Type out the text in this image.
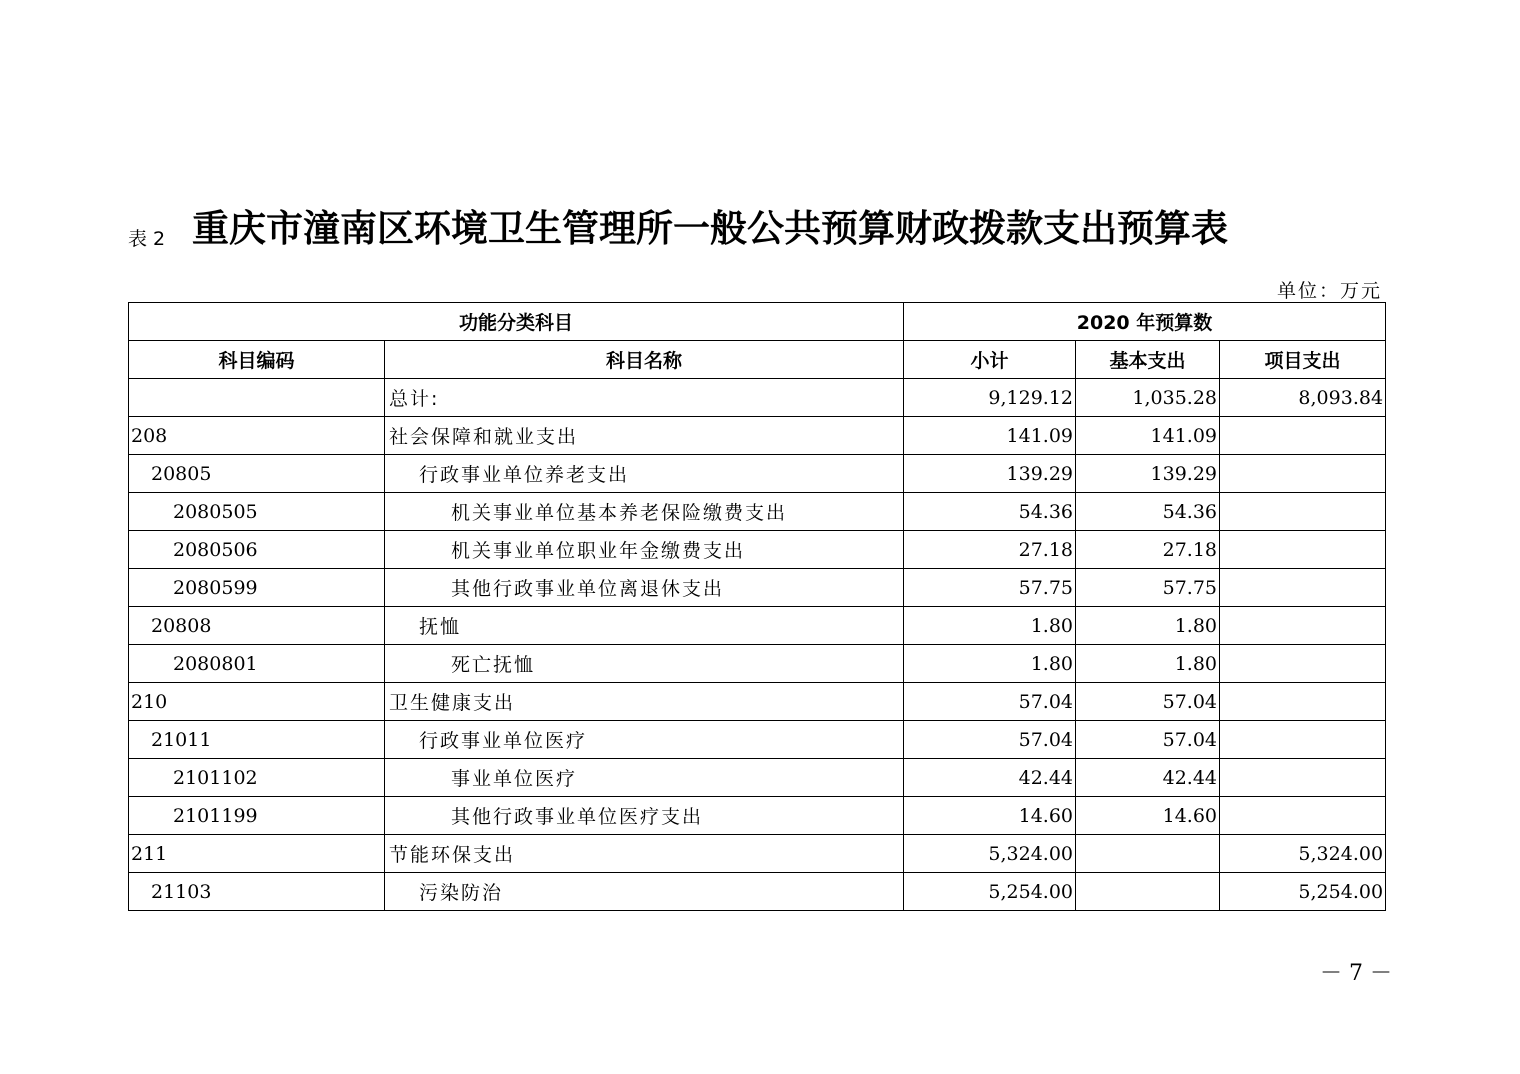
表 2 重庆市潼南区环境卫生管理所一般公共预算财政拨款支出预算表
单位：万元
功能分类科目		2020 年预算数		
科目编码	科目名称	小计	基本支出	项目支出
	总计:	9,129.12	1,035.28	8,093.84
208	社会保障和就业支出	141.09	141.09	
20805	行政事业单位养老支出	139.29	139.29	
2080505	机关事业单位基本养老保险缴费支出	54.36	54.36	
2080506	机关事业单位职业年金缴费支出	27.18	27.18	
2080599	其他行政事业单位离退休支出	57.75	57.75	
20808	抚恤	1.80	1.80	
2080801	死亡抚恤	1.80	1.80	
210	卫生健康支出	57.04	57.04	
21011	行政事业单位医疗	57.04	57.04	
2101102	事业单位医疗	42.44	42.44	
2101199	其他行政事业单位医疗支出	14.60	14.60	
211	节能环保支出	5,324.00		5,324.00
21103	污染防治	5,254.00		5,254.00
－ 7 －
